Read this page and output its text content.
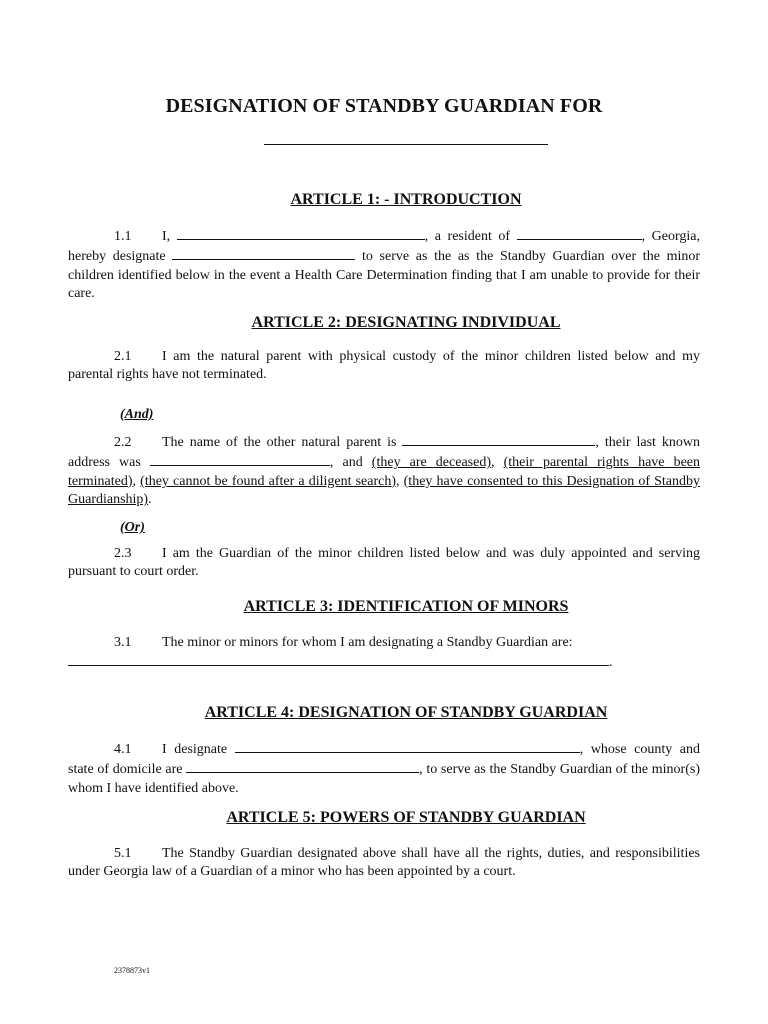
DESIGNATION OF STANDBY GUARDIAN FOR
ARTICLE 1: - INTRODUCTION
1.1 I,	, a resident of	, Georgia, hereby designate	to serve as the as the Standby Guardian over the minor children identified below in the event a Health Care Determination finding that I am unable to provide for their care.
ARTICLE 2: DESIGNATING INDIVIDUAL
2.1 I am the natural parent with physical custody of the minor children listed below and my parental rights have not terminated.
(And)
2.2 The name of the other natural parent is	, their last known address was	, and (they are deceased), (their parental rights have been terminated), (they cannot be found after a diligent search), (they have consented to this Designation of Standby Guardianship).
(Or)
2.3 I am the Guardian of the minor children listed below and was duly appointed and serving pursuant to court order.
ARTICLE 3: IDENTIFICATION OF MINORS
3.1 The minor or minors for whom I am designating a Standby Guardian are:
.
ARTICLE 4: DESIGNATION OF STANDBY GUARDIAN
4.1 I designate	, whose county and state of domicile are	, to serve as the Standby Guardian of the minor(s) whom I have identified above.
ARTICLE 5: POWERS OF STANDBY GUARDIAN
5.1 The Standby Guardian designated above shall have all the rights, duties, and responsibilities under Georgia law of a Guardian of a minor who has been appointed by a court.
2378873v1
